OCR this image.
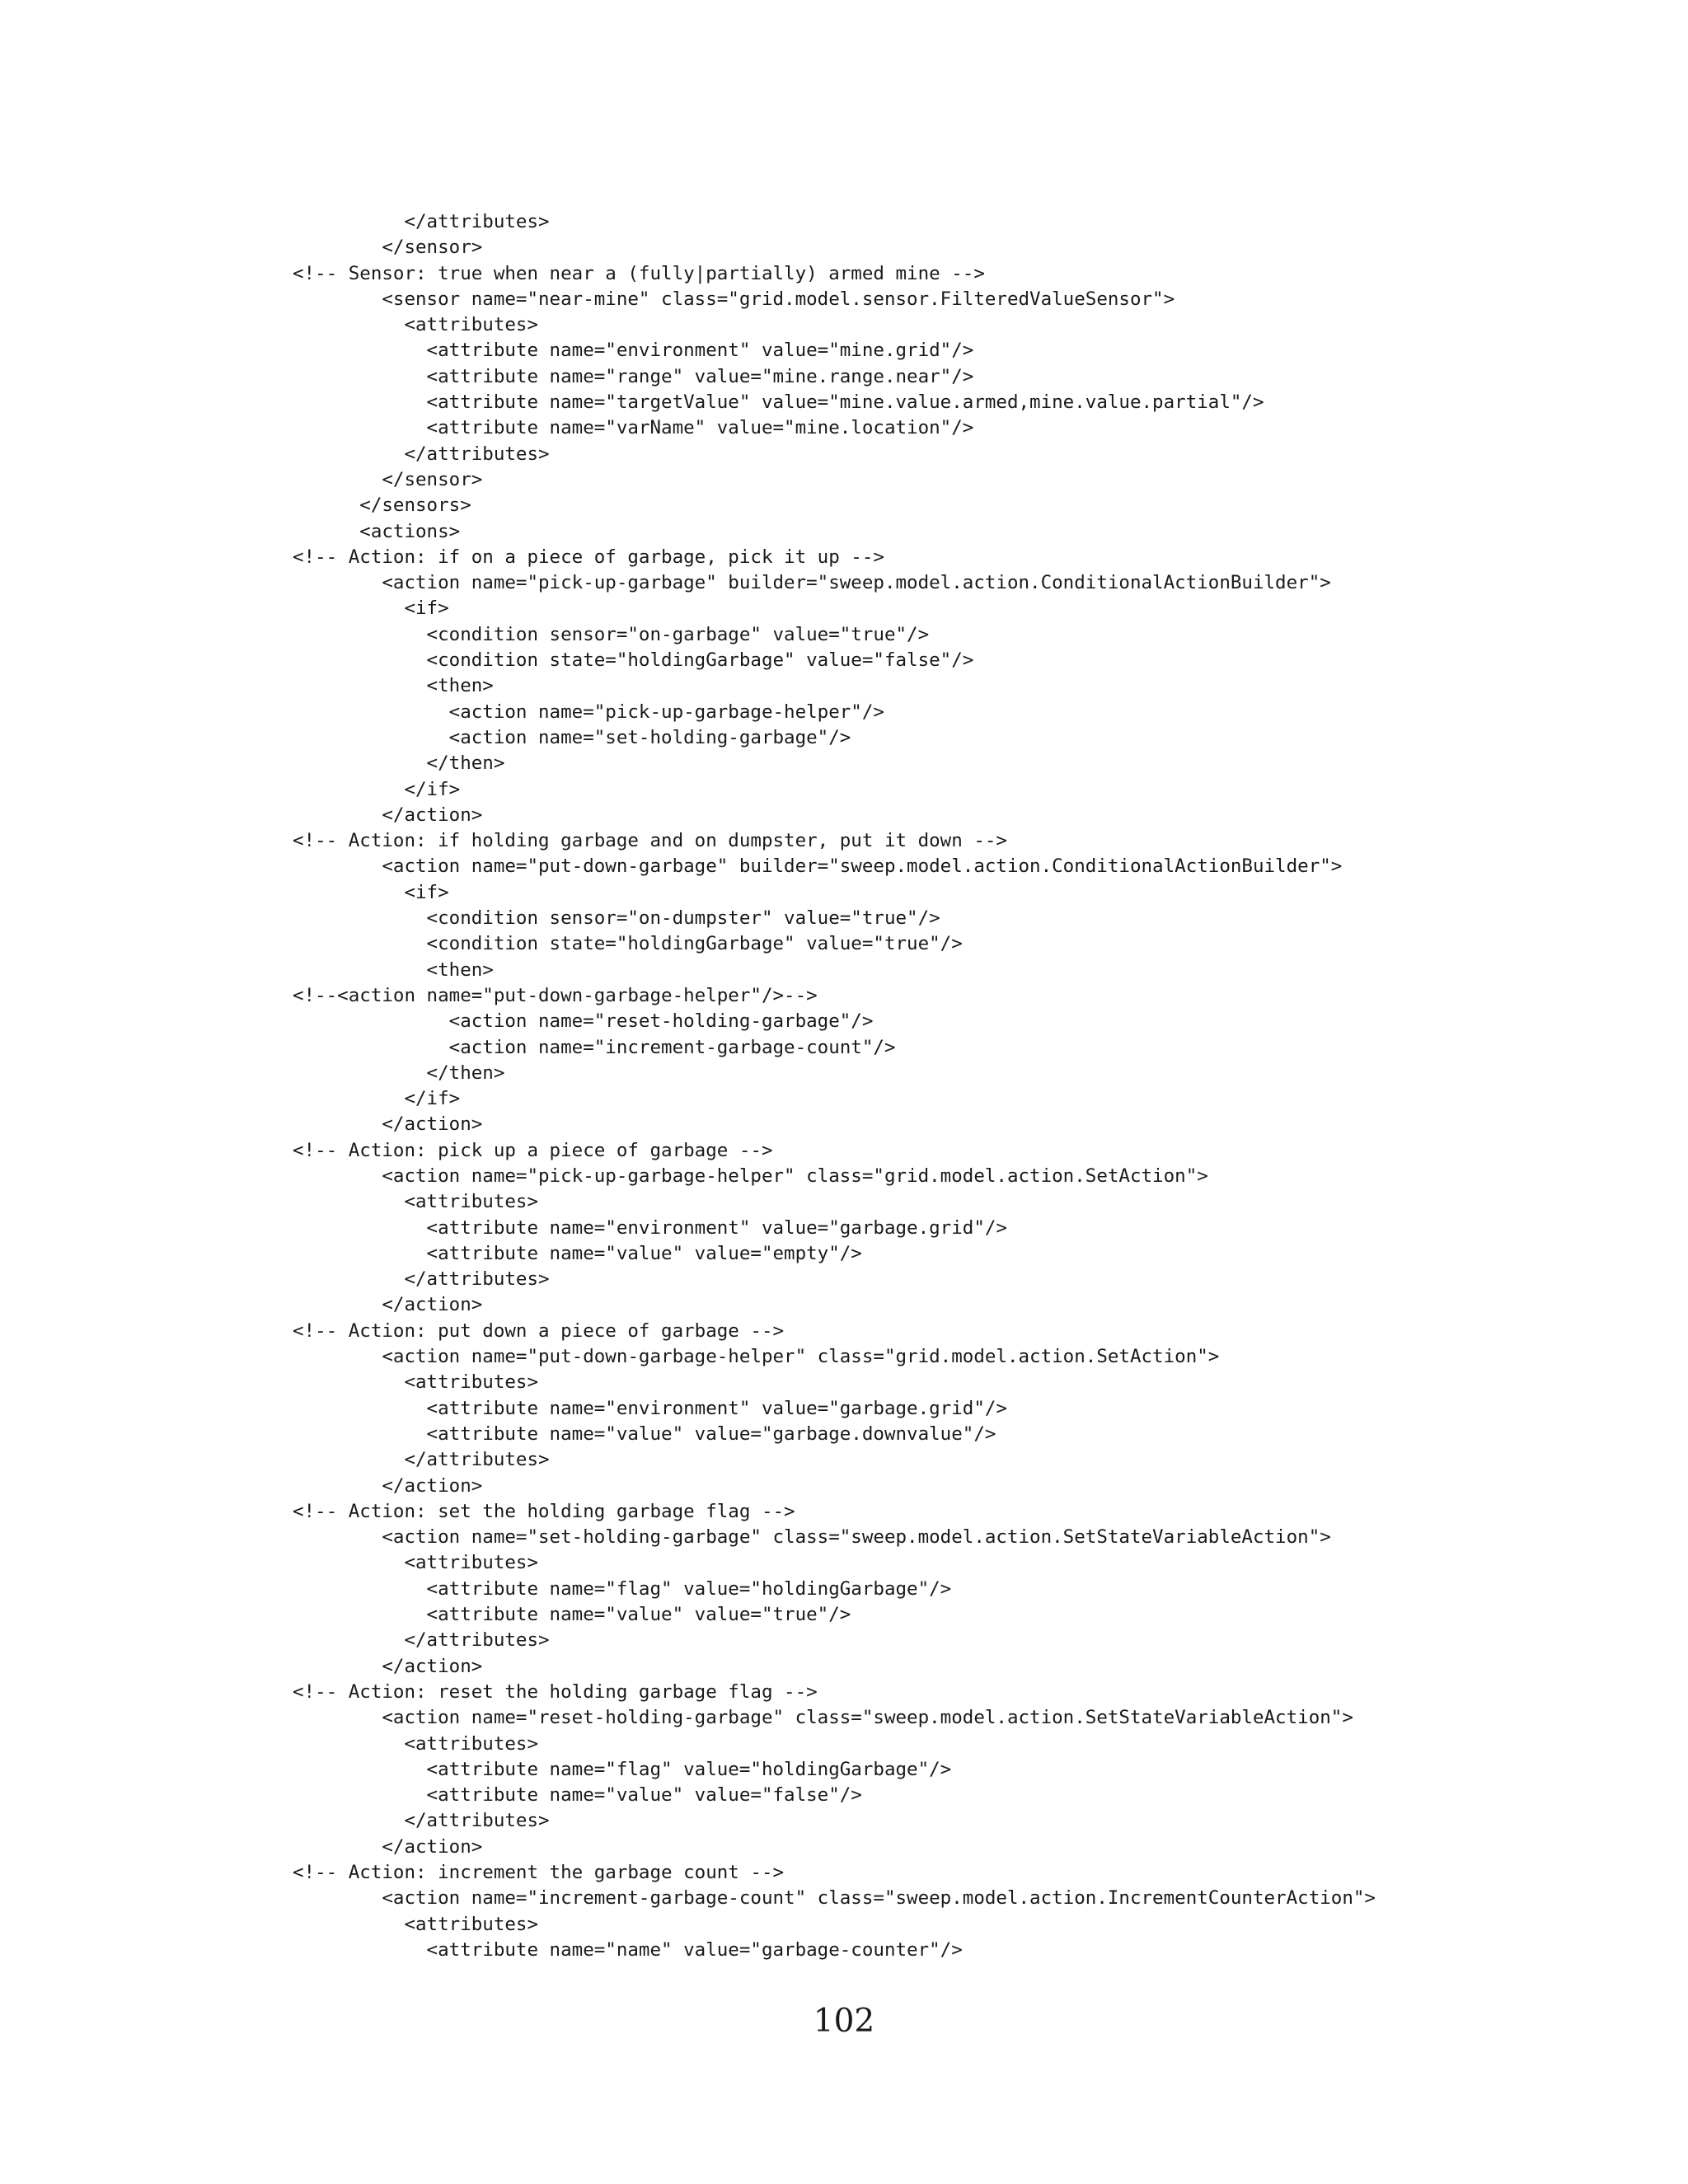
</attributes>
</sensor>
<!-- Sensor: true when near a (fully|partially) armed mine -->
<sensor name="near-mine" class="grid.model.sensor.FilteredValueSensor">
<attributes>
<attribute name="environment" value="mine.grid"/>
<attribute name="range" value="mine.range.near"/>
<attribute name="targetValue" value="mine.value.armed,mine.value.partial"/>
<attribute name="varName" value="mine.location"/>
</attributes>
</sensor>
</sensors>
<actions>
<!-- Action: if on a piece of garbage, pick it up -->
<action name="pick-up-garbage" builder="sweep.model.action.ConditionalActionBuilder">
<if>
<condition sensor="on-garbage" value="true"/>
<condition state="holdingGarbage" value="false"/>
<then>
<action name="pick-up-garbage-helper"/>
<action name="set-holding-garbage"/>
</then>
</if>
</action>
<!-- Action: if holding garbage and on dumpster, put it down -->
<action name="put-down-garbage" builder="sweep.model.action.ConditionalActionBuilder">
<if>
<condition sensor="on-dumpster" value="true"/>
<condition state="holdingGarbage" value="true"/>
<then>
<!--<action name="put-down-garbage-helper"/>-->
<action name="reset-holding-garbage"/>
<action name="increment-garbage-count"/>
</then>
</if>
</action>
<!-- Action: pick up a piece of garbage -->
<action name="pick-up-garbage-helper" class="grid.model.action.SetAction">
<attributes>
<attribute name="environment" value="garbage.grid"/>
<attribute name="value" value="empty"/>
</attributes>
</action>
<!-- Action: put down a piece of garbage -->
<action name="put-down-garbage-helper" class="grid.model.action.SetAction">
<attributes>
<attribute name="environment" value="garbage.grid"/>
<attribute name="value" value="garbage.downvalue"/>
</attributes>
</action>
<!-- Action: set the holding garbage flag -->
<action name="set-holding-garbage" class="sweep.model.action.SetStateVariableAction">
<attributes>
<attribute name="flag" value="holdingGarbage"/>
<attribute name="value" value="true"/>
</attributes>
</action>
<!-- Action: reset the holding garbage flag -->
<action name="reset-holding-garbage" class="sweep.model.action.SetStateVariableAction">
<attributes>
<attribute name="flag" value="holdingGarbage"/>
<attribute name="value" value="false"/>
</attributes>
</action>
<!-- Action: increment the garbage count -->
<action name="increment-garbage-count" class="sweep.model.action.IncrementCounterAction">
<attributes>
<attribute name="name" value="garbage-counter"/>
102
